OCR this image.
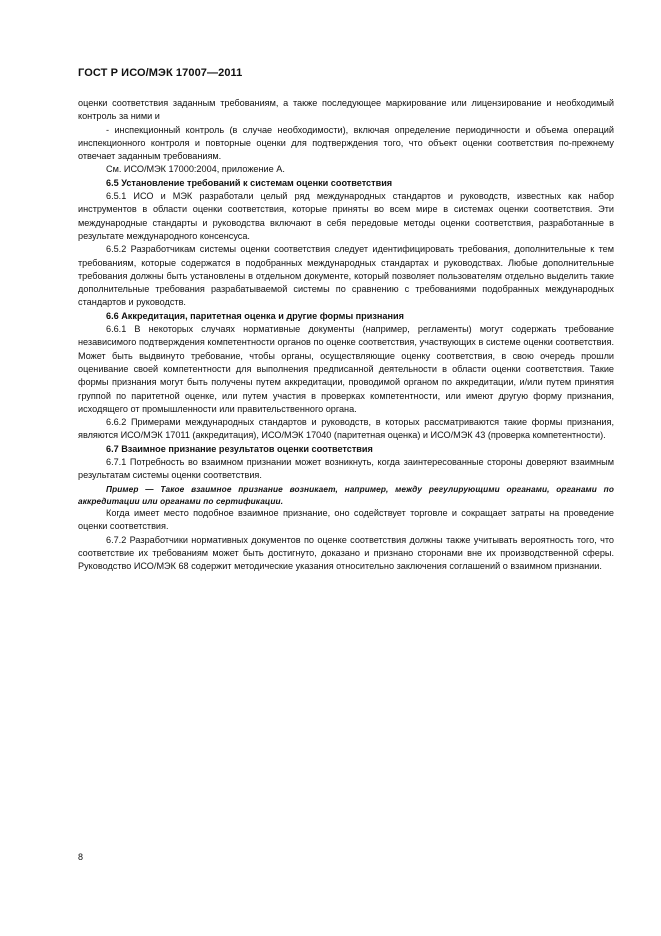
ГОСТ Р ИСО/МЭК 17007—2011

оценки соответствия заданным требованиям, а также последующее маркирование или лицензирование и необходимый контроль за ними и

- инспекционный контроль (в случае необходимости), включая определение периодичности и объема операций инспекционного контроля и повторные оценки для подтверждения того, что объект оценки соответствия по-прежнему отвечает заданным требованиям.

См. ИСО/МЭК 17000:2004, приложение А.

6.5 Установление требований к системам оценки соответствия

6.5.1 ИСО и МЭК разработали целый ряд международных стандартов и руководств, известных как набор инструментов в области оценки соответствия, которые приняты во всем мире в системах оценки соответствия. Эти международные стандарты и руководства включают в себя передовые методы оценки соответствия, разработанные в результате международного консенсуса.

6.5.2 Разработчикам системы оценки соответствия следует идентифицировать требования, дополнительные к тем требованиям, которые содержатся в подобранных международных стандартах и руководствах. Любые дополнительные требования должны быть установлены в отдельном документе, который позволяет пользователям отдельно выделить такие дополнительные требования разрабатываемой системы по сравнению с требованиями подобранных международных стандартов и руководств.

6.6 Аккредитация, паритетная оценка и другие формы признания

6.6.1 В некоторых случаях нормативные документы (например, регламенты) могут содержать требование независимого подтверждения компетентности органов по оценке соответствия, участвующих в системе оценки соответствия. Может быть выдвинуто требование, чтобы органы, осуществляющие оценку соответствия, в свою очередь прошли оценивание своей компетентности для выполнения предписанной деятельности в области оценки соответствия. Такие формы признания могут быть получены путем аккредитации, проводимой органом по аккредитации, и/или путем принятия группой по паритетной оценке, или путем участия в проверках компетентности, или имеют другую форму признания, исходящего от промышленности или правительственного органа.

6.6.2 Примерами международных стандартов и руководств, в которых рассматриваются такие формы признания, являются ИСО/МЭК 17011 (аккредитация), ИСО/МЭК 17040 (паритетная оценка) и ИСО/МЭК 43 (проверка компетентности).

6.7 Взаимное признание результатов оценки соответствия

6.7.1 Потребность во взаимном признании может возникнуть, когда заинтересованные стороны доверяют взаимным результатам системы оценки соответствия.

Пример — Такое взаимное признание возникает, например, между регулирующими органами, органами по аккредитации или органами по сертификации.

Когда имеет место подобное взаимное признание, оно содействует торговле и сокращает затраты на проведение оценки соответствия.

6.7.2 Разработчики нормативных документов по оценке соответствия должны также учитывать вероятность того, что соответствие их требованиям может быть достигнуто, доказано и признано сторонами вне их производственной сферы. Руководство ИСО/МЭК 68 содержит методические указания относительно заключения соглашений о взаимном признании.

8
